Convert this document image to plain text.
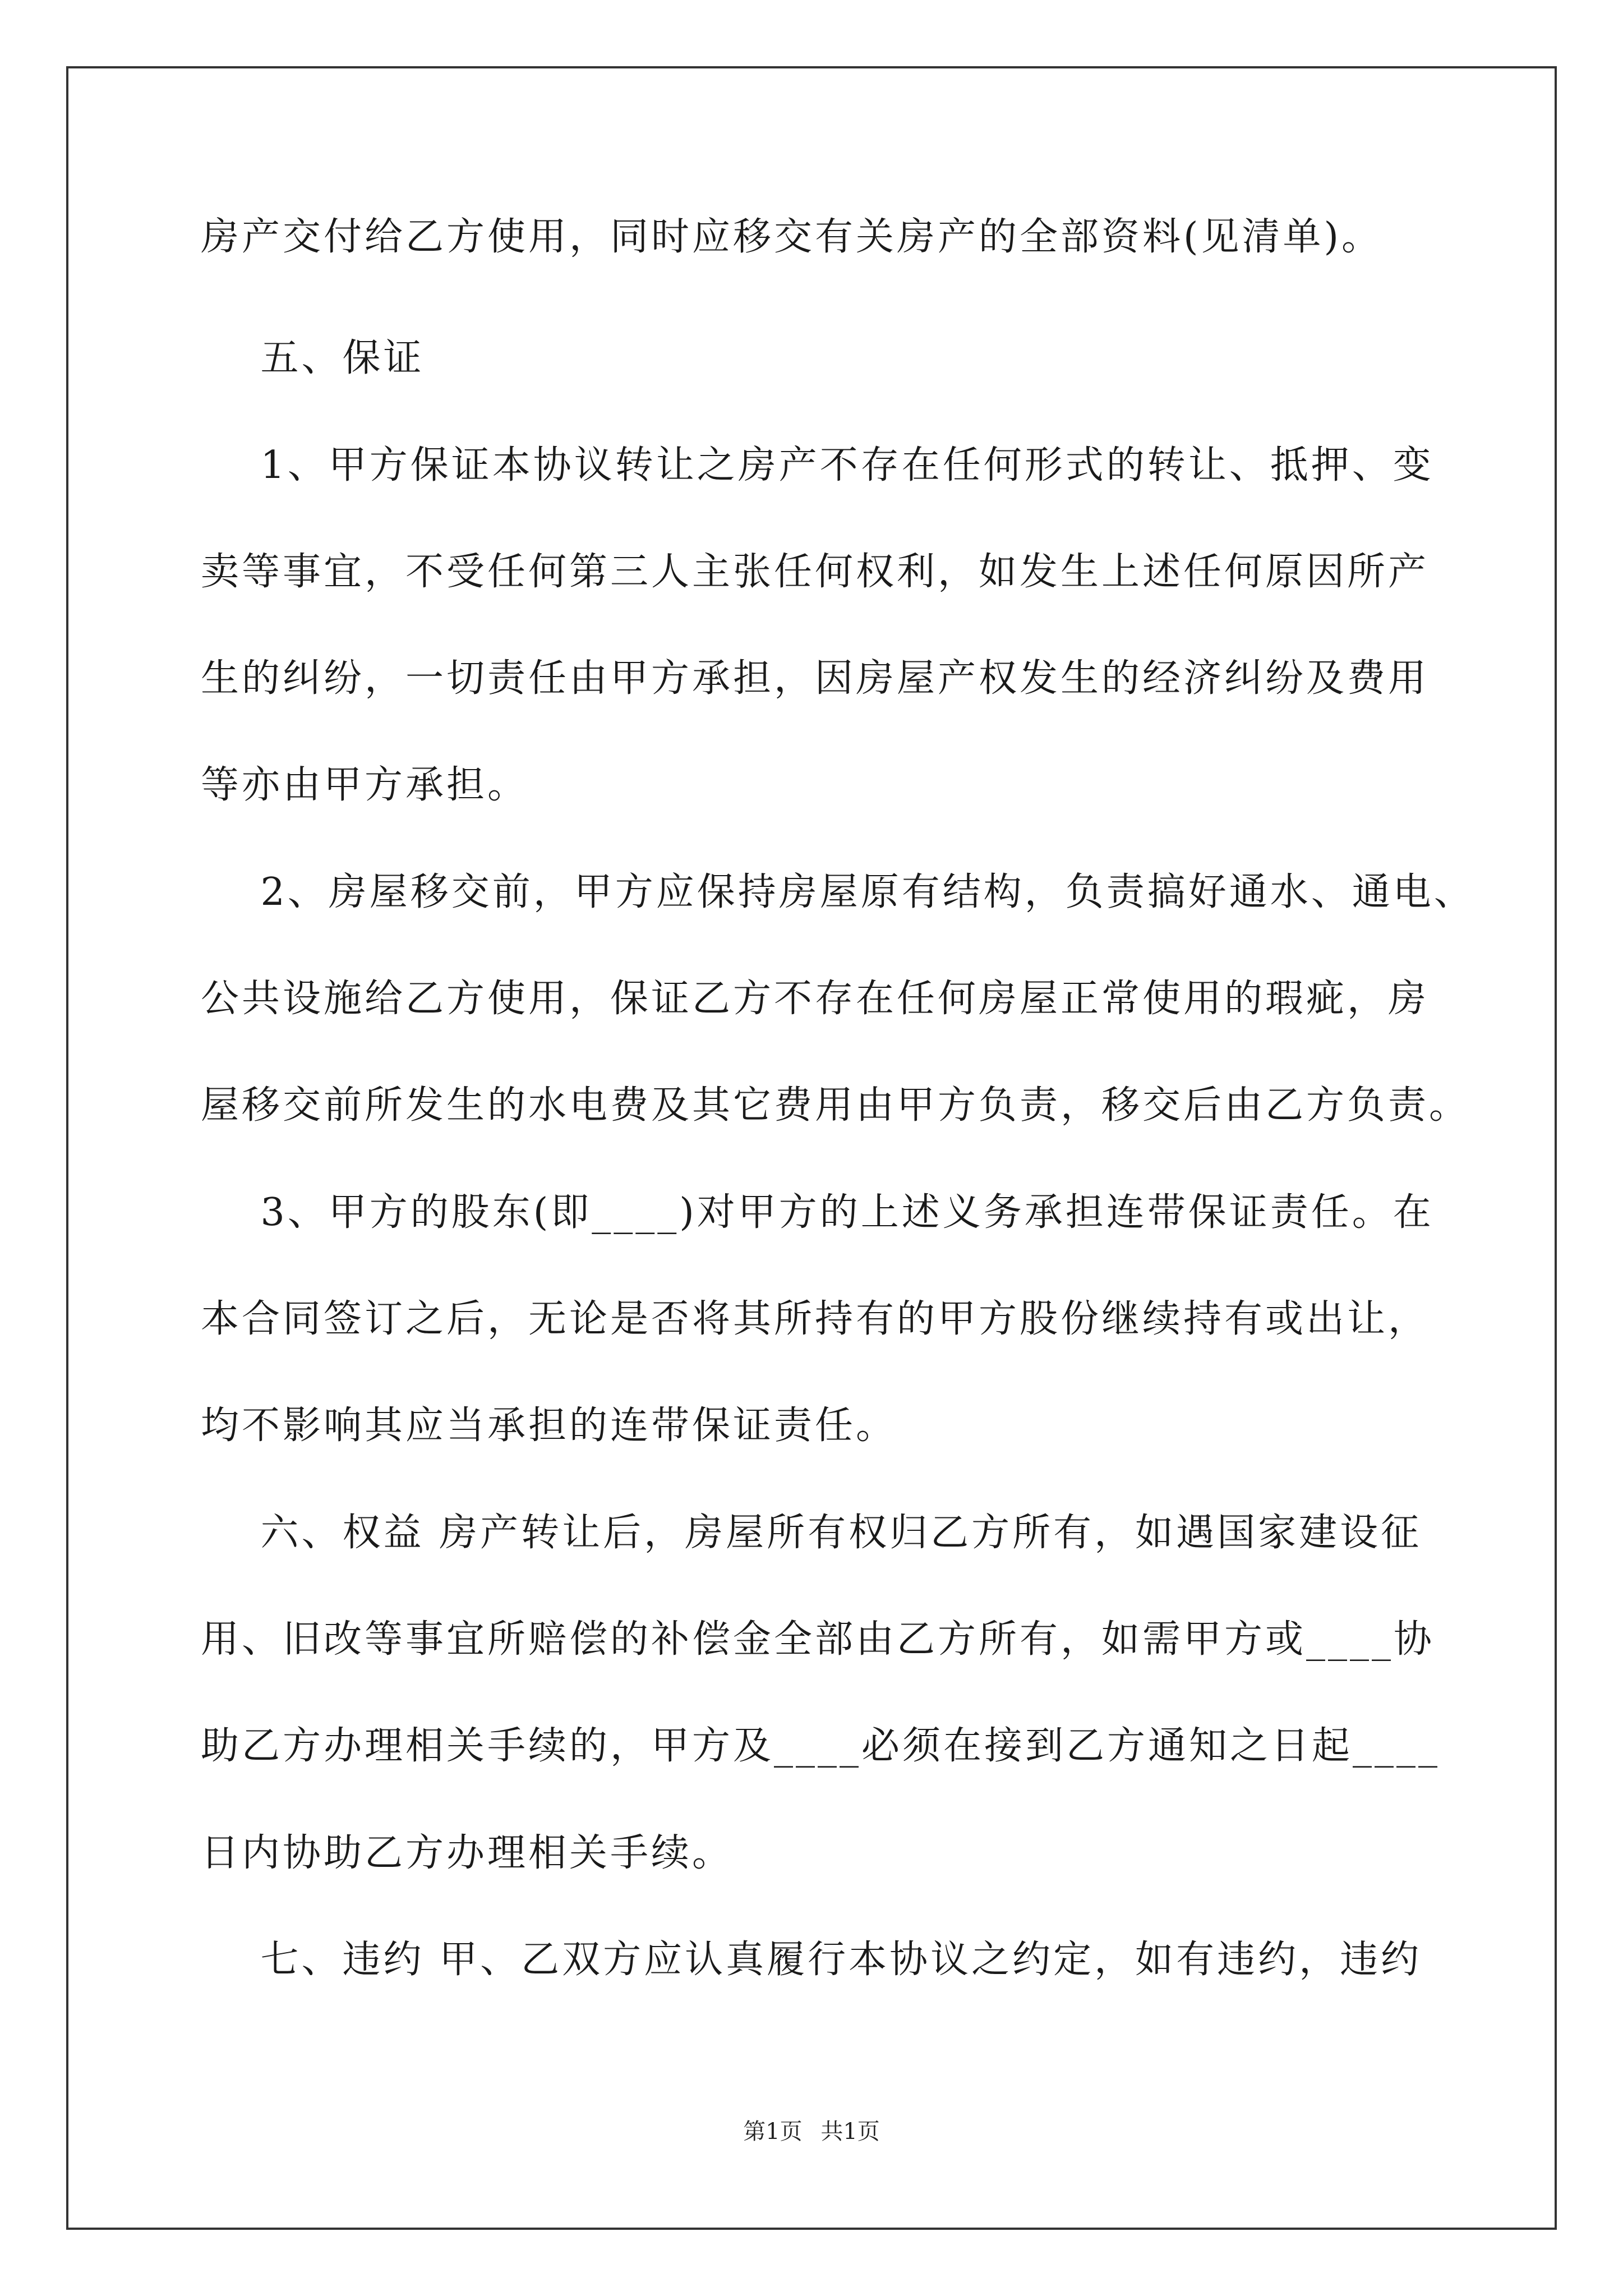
房产交付给乙方使用，同时应移交有关房产的全部资料(见清单)。
五、保证
1、甲方保证本协议转让之房产不存在任何形式的转让、抵押、变
卖等事宜，不受任何第三人主张任何权利，如发生上述任何原因所产
生的纠纷，一切责任由甲方承担，因房屋产权发生的经济纠纷及费用
等亦由甲方承担。
2、房屋移交前，甲方应保持房屋原有结构，负责搞好通水、通电、
公共设施给乙方使用，保证乙方不存在任何房屋正常使用的瑕疵，房
屋移交前所发生的水电费及其它费用由甲方负责，移交后由乙方负责。
3、甲方的股东(即____)对甲方的上述义务承担连带保证责任。在
本合同签订之后，无论是否将其所持有的甲方股份继续持有或出让，
均不影响其应当承担的连带保证责任。
六、权益 房产转让后，房屋所有权归乙方所有，如遇国家建设征
用、旧改等事宜所赔偿的补偿金全部由乙方所有，如需甲方或____协
助乙方办理相关手续的，甲方及____必须在接到乙方通知之日起____
日内协助乙方办理相关手续。
七、违约 甲、乙双方应认真履行本协议之约定，如有违约，违约
第1页 共1页
